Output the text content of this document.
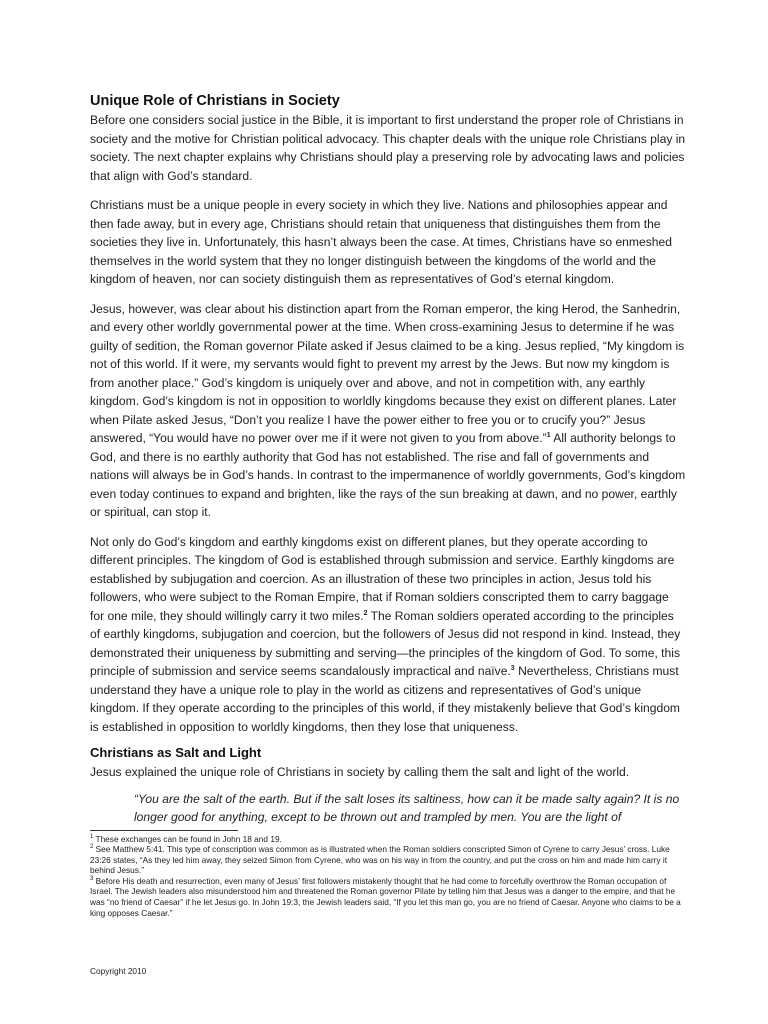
Unique Role of Christians in Society

Before one considers social justice in the Bible, it is important to first understand the proper role of Christians in society and the motive for Christian political advocacy. This chapter deals with the unique role Christians play in society. The next chapter explains why Christians should play a preserving role by advocating laws and policies that align with God’s standard.

Christians must be a unique people in every society in which they live. Nations and philosophies appear and then fade away, but in every age, Christians should retain that uniqueness that distinguishes them from the societies they live in. Unfortunately, this hasn’t always been the case. At times, Christians have so enmeshed themselves in the world system that they no longer distinguish between the kingdoms of the world and the kingdom of heaven, nor can society distinguish them as representatives of God’s eternal kingdom.

Jesus, however, was clear about his distinction apart from the Roman emperor, the king Herod, the Sanhedrin, and every other worldly governmental power at the time. When cross-examining Jesus to determine if he was guilty of sedition, the Roman governor Pilate asked if Jesus claimed to be a king. Jesus replied, “My kingdom is not of this world. If it were, my servants would fight to prevent my arrest by the Jews. But now my kingdom is from another place.” God’s kingdom is uniquely over and above, and not in competition with, any earthly kingdom. God’s kingdom is not in opposition to worldly kingdoms because they exist on different planes. Later when Pilate asked Jesus, “Don’t you realize I have the power either to free you or to crucify you?” Jesus answered, “You would have no power over me if it were not given to you from above.”$^1$ All authority belongs to God, and there is no earthly authority that God has not established. The rise and fall of governments and nations will always be in God’s hands. In contrast to the impermanence of worldly governments, God’s kingdom even today continues to expand and brighten, like the rays of the sun breaking at dawn, and no power, earthly or spiritual, can stop it.

Not only do God’s kingdom and earthly kingdoms exist on different planes, but they operate according to different principles. The kingdom of God is established through submission and service. Earthly kingdoms are established by subjugation and coercion. As an illustration of these two principles in action, Jesus told his followers, who were subject to the Roman Empire, that if Roman soldiers conscripted them to carry baggage for one mile, they should willingly carry it two miles.$^2$ The Roman soldiers operated according to the principles of earthly kingdoms, subjugation and coercion, but the followers of Jesus did not respond in kind. Instead, they demonstrated their uniqueness by submitting and serving—the principles of the kingdom of God. To some, this principle of submission and service seems scandalously impractical and naïve.$^3$ Nevertheless, Christians must understand they have a unique role to play in the world as citizens and representatives of God’s unique kingdom. If they operate according to the principles of this world, if they mistakenly believe that God’s kingdom is established in opposition to worldly kingdoms, then they lose that uniqueness.

Christians as Salt and Light

Jesus explained the unique role of Christians in society by calling them the salt and light of the world.

“You are the salt of the earth. But if the salt loses its saltiness, how can it be made salty again? It is no longer good for anything, except to be thrown out and trampled by men. You are the light of
$^1$ These exchanges can be found in John 18 and 19.
$^2$ See Matthew 5:41. This type of conscription was common as is illustrated when the Roman soldiers conscripted Simon of Cyrene to carry Jesus’ cross. Luke 23:26 states, “As they led him away, they seized Simon from Cyrene, who was on his way in from the country, and put the cross on him and made him carry it behind Jesus.”
$^3$ Before His death and resurrection, even many of Jesus’ first followers mistakenly thought that he had come to forcefully overthrow the Roman occupation of Israel. The Jewish leaders also misunderstood him and threatened the Roman governor Pilate by telling him that Jesus was a danger to the empire, and that he was “no friend of Caesar” if he let Jesus go. In John 19:3, the Jewish leaders said, “If you let this man go, you are no friend of Caesar. Anyone who claims to be a king opposes Caesar.”
Copyright 2010
